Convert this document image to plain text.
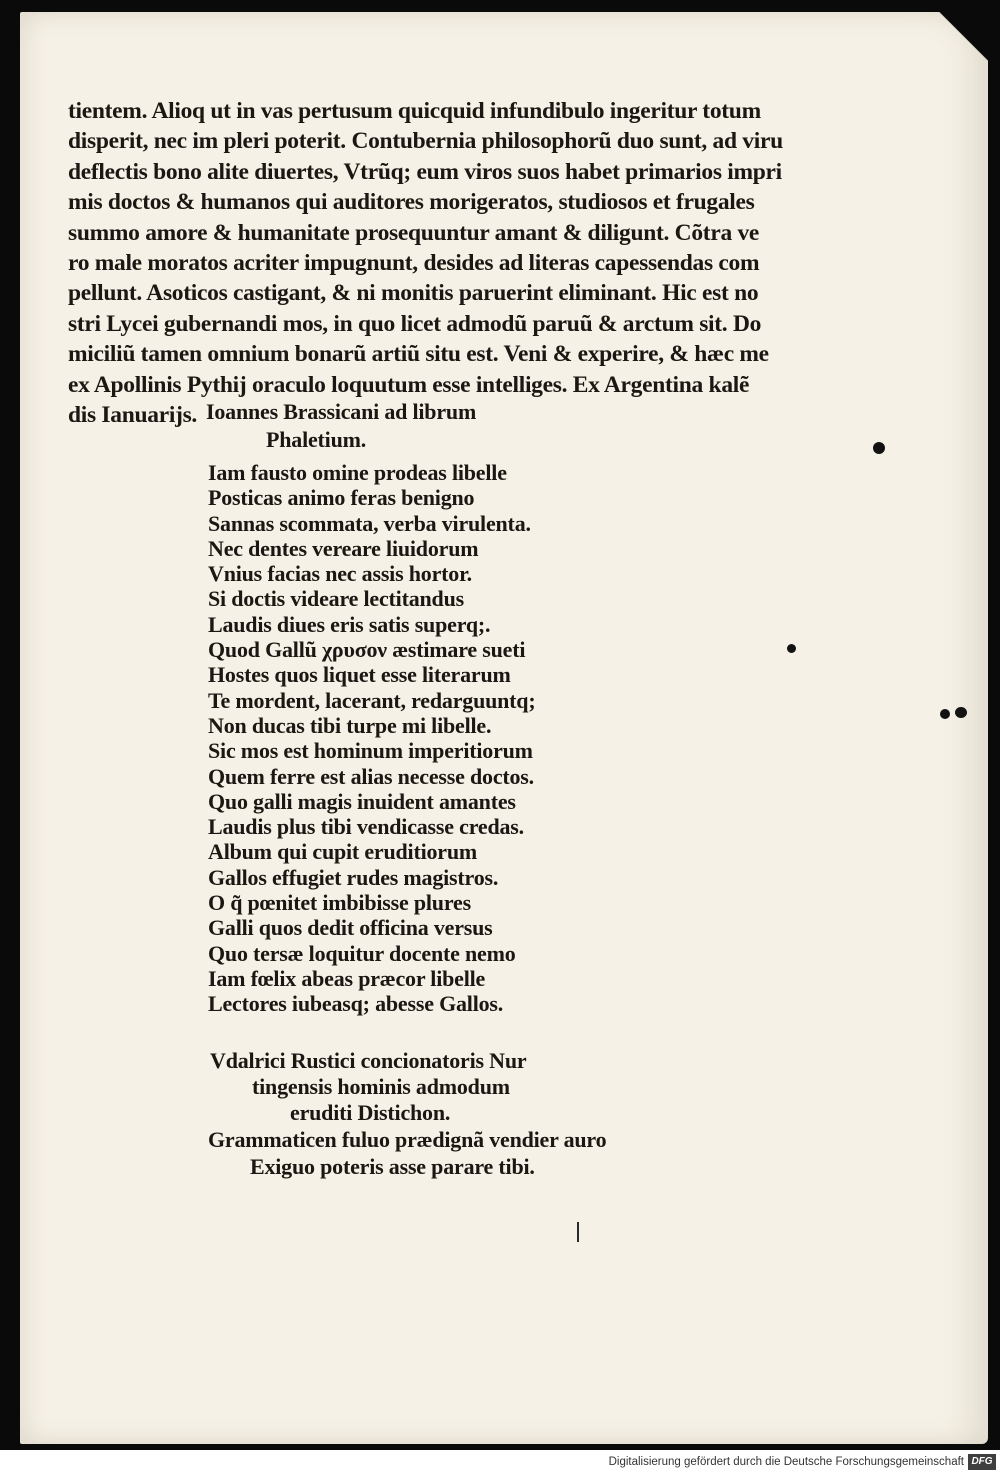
tientem. Alioq ut in vas pertusum quicquid infundibulo ingeritur totum
disperit, nec im pleri poterit. Contubernia philosophorũ duo sunt, ad viru
deflectis bono alite diuertes, Vtrũq; eum viros suos habet primarios impri
mis doctos & humanos qui auditores morigeratos, studiosos et frugales
summo amore & humanitate prosequuntur amant & diligunt. Cõtra ve
ro male moratos acriter impugnunt, desides ad literas capessendas com
pellunt. Asoticos castigant, & ni monitis paruerint eliminant. Hic est no
stri Lycei gubernandi mos, in quo licet admodũ paruũ & arctum sit. Do
miciliũ tamen omnium bonarũ artiũ situ est. Veni & experire, & hæc me
ex Apollinis Pythij oraculo loquutum esse intelliges. Ex Argentina kalẽ
dis Ianuarijs. Ioannes Brassicani ad librum
Phaletium.
Iam fausto omine prodeas libelle
Posticas animo feras benigno
Sannas scommata, verba virulenta.
Nec dentes vereare liuidorum
Vnius facias nec assis hortor.
Si doctis videare lectitandus
Laudis diues eris satis superq;.
Quod Gallũ χρυσον æstimare sueti
Hostes quos liquet esse literarum
Te mordent, lacerant, redarguuntq;
Non ducas tibi turpe mi libelle.
Sic mos est hominum imperitiorum
Quem ferre est alias necesse doctos.
Quo galli magis inuident amantes
Laudis plus tibi vendicasse credas.
Album qui cupit eruditiorum
Gallos effugiet rudes magistros.
O q̃ pœnitet imbibisse plures
Galli quos dedit officina versus
Quo tersæ loquitur docente nemo
Iam fœlix abeas præcor libelle
Lectores iubeasq; abesse Gallos.
Vdalrici Rustici concionatoris Nur
tingensis hominis admodum
eruditi Distichon.
Grammaticen fuluo prædignã vendier auro
Exiguo poteris asse parare tibi.
Digitalisierung gefördert durch die Deutsche Forschungsgemeinschaft DFG
